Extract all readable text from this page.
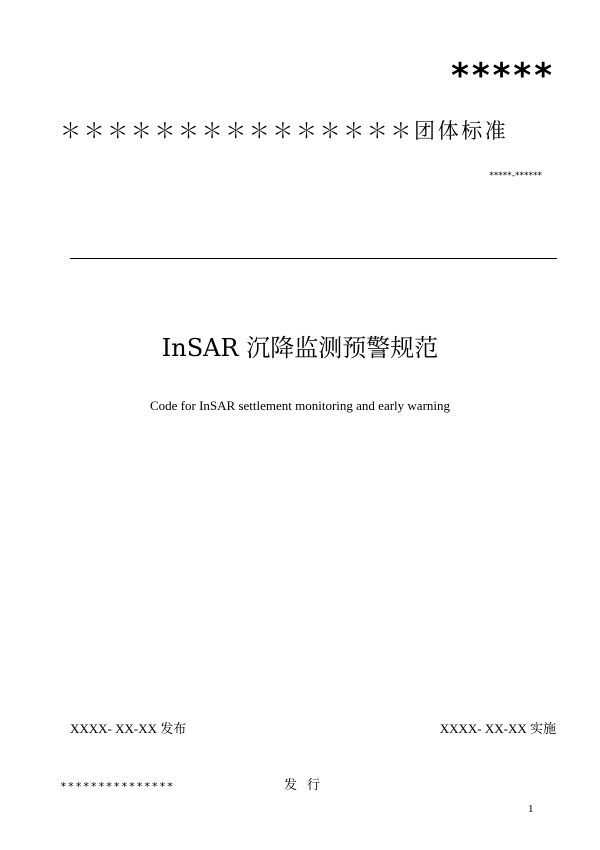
*****
＊＊＊＊＊＊＊＊＊＊＊＊＊＊＊团体标准
*****-******
InSAR 沉降监测预警规范
Code for InSAR settlement monitoring and early warning
XXXX- XX-XX 发布	XXXX- XX-XX 实施
***************	发行
1
